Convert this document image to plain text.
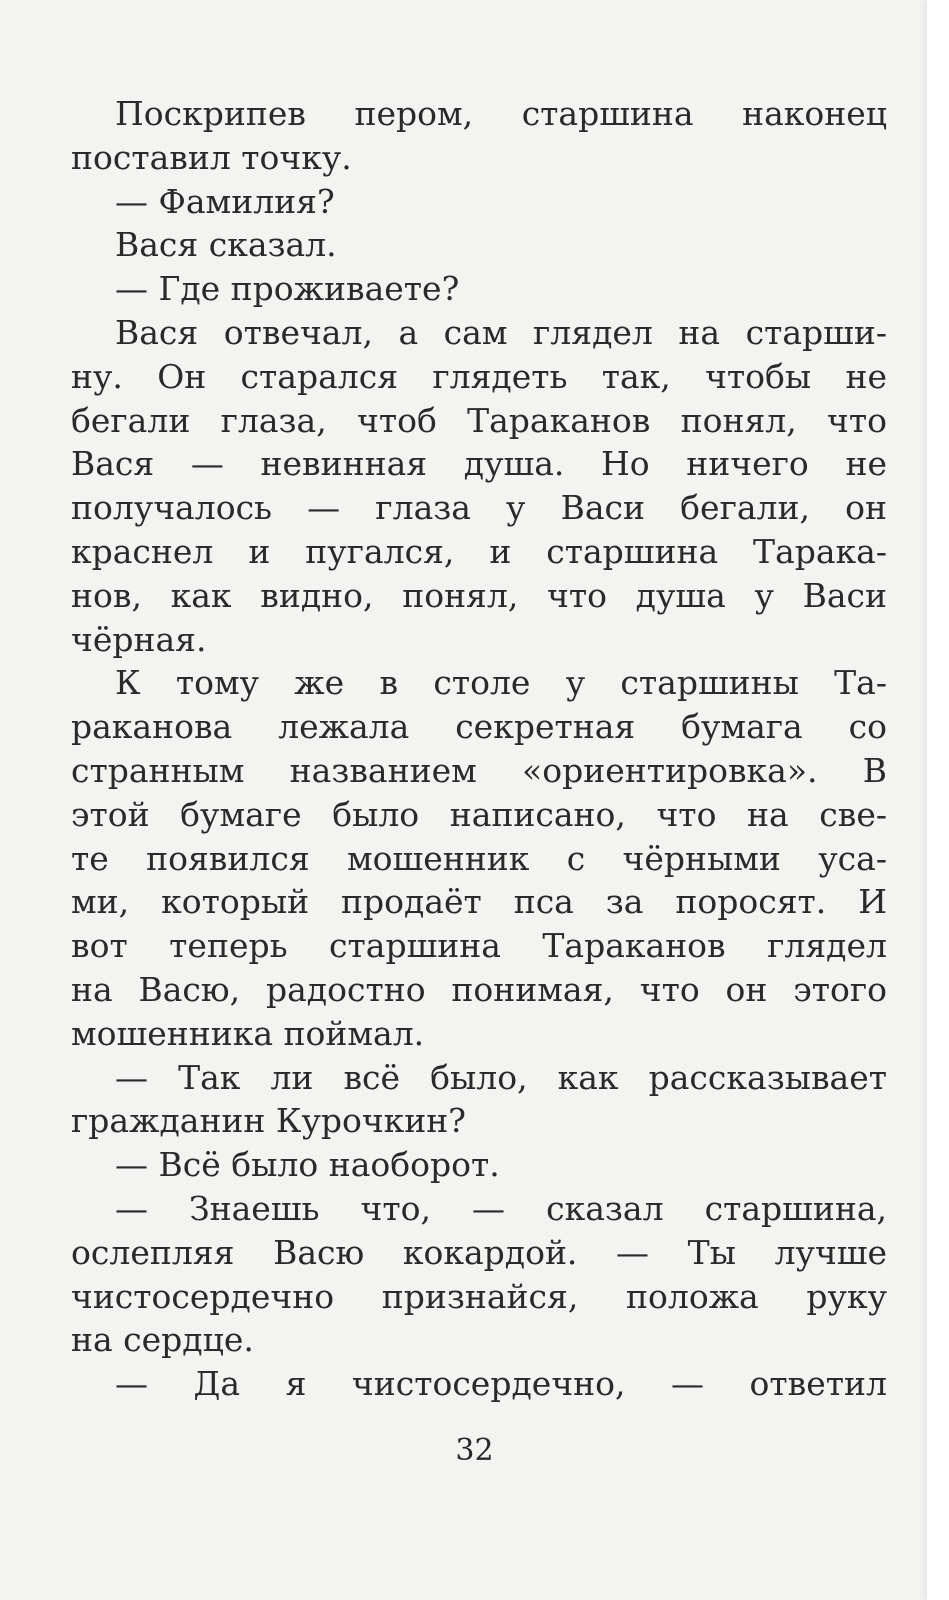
Поскрипев пером, старшина наконец
поставил точку.
— Фамилия?
Вася сказал.
— Где проживаете?
Вася отвечал, а сам глядел на старши-
ну. Он старался глядеть так, чтобы не
бегали глаза, чтоб Тараканов понял, что
Вася — невинная душа. Но ничего не
получалось — глаза у Васи бегали, он
краснел и пугался, и старшина Тарака-
нов, как видно, понял, что душа у Васи
чёрная.
К тому же в столе у старшины Та-
раканова лежала секретная бумага со
странным названием «ориентировка». В
этой бумаге было написано, что на све-
те появился мошенник с чёрными уса-
ми, который продаёт пса за поросят. И
вот теперь старшина Тараканов глядел
на Васю, радостно понимая, что он этого
мошенника поймал.
— Так ли всё было, как рассказывает
гражданин Курочкин?
— Всё было наоборот.
— Знаешь что, — сказал старшина,
ослепляя Васю кокардой. — Ты лучше
чистосердечно признайся, положа руку
на сердце.
— Да я чистосердечно, — ответил
32
